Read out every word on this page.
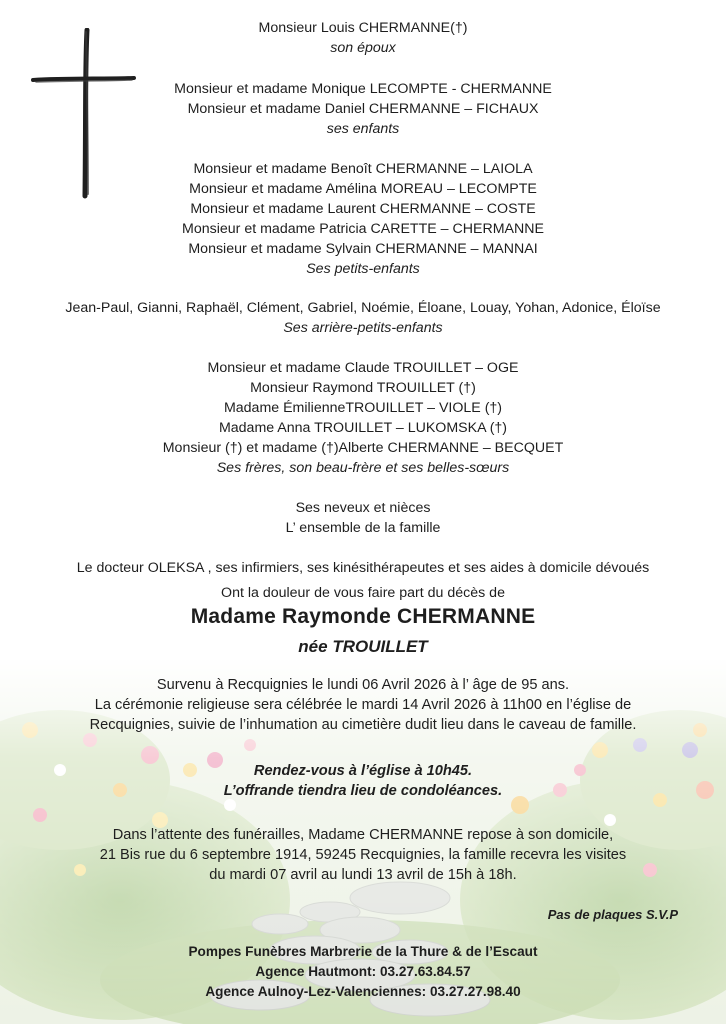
Monsieur Louis CHERMANNE(†)
son époux
Monsieur et madame Monique LECOMPTE - CHERMANNE
Monsieur et madame Daniel CHERMANNE – FICHAUX
ses enfants
Monsieur et madame Benoît CHERMANNE – LAIOLA
Monsieur et madame Amélina MOREAU – LECOMPTE
Monsieur et madame Laurent CHERMANNE – COSTE
Monsieur et madame Patricia CARETTE – CHERMANNE
Monsieur et madame Sylvain CHERMANNE – MANNAI
Ses petits-enfants
Jean-Paul, Gianni, Raphaël, Clément, Gabriel, Noémie, Éloane, Louay, Yohan, Adonice, Éloïse
Ses arrière-petits-enfants
Monsieur et madame Claude TROUILLET – OGE
Monsieur Raymond TROUILLET (†)
Madame ÉmilienneTROUILLET – VIOLE (†)
Madame Anna TROUILLET – LUKOMSKA (†)
Monsieur (†) et madame (†)Alberte CHERMANNE – BECQUET
Ses frères, son beau-frère et ses belles-sœurs
Ses neveux et nièces
L’ ensemble de la famille
Le docteur OLEKSA , ses infirmiers, ses kinésithérapeutes et ses aides à domicile dévoués
Ont la douleur de vous faire part du décès de
Madame Raymonde CHERMANNE
née TROUILLET
Survenu à Recquignies le lundi 06 Avril 2026 à l’ âge de 95 ans.
La cérémonie religieuse sera célébrée le mardi 14 Avril 2026 à 11h00 en l’église de
Recquignies, suivie de l’inhumation au cimetière dudit lieu dans le caveau de famille.
Rendez-vous à l’église à 10h45.
L’offrande tiendra lieu de condoléances.
Dans l’attente des funérailles, Madame CHERMANNE repose à son domicile,
21 Bis rue du 6 septembre 1914, 59245 Recquignies, la famille recevra les visites
du mardi 07 avril au lundi 13 avril de 15h à 18h.
Pas de plaques S.V.P
Pompes Funèbres Marbrerie de la Thure & de l’Escaut
Agence Hautmont: 03.27.63.84.57
Agence Aulnoy-Lez-Valenciennes: 03.27.27.98.40
